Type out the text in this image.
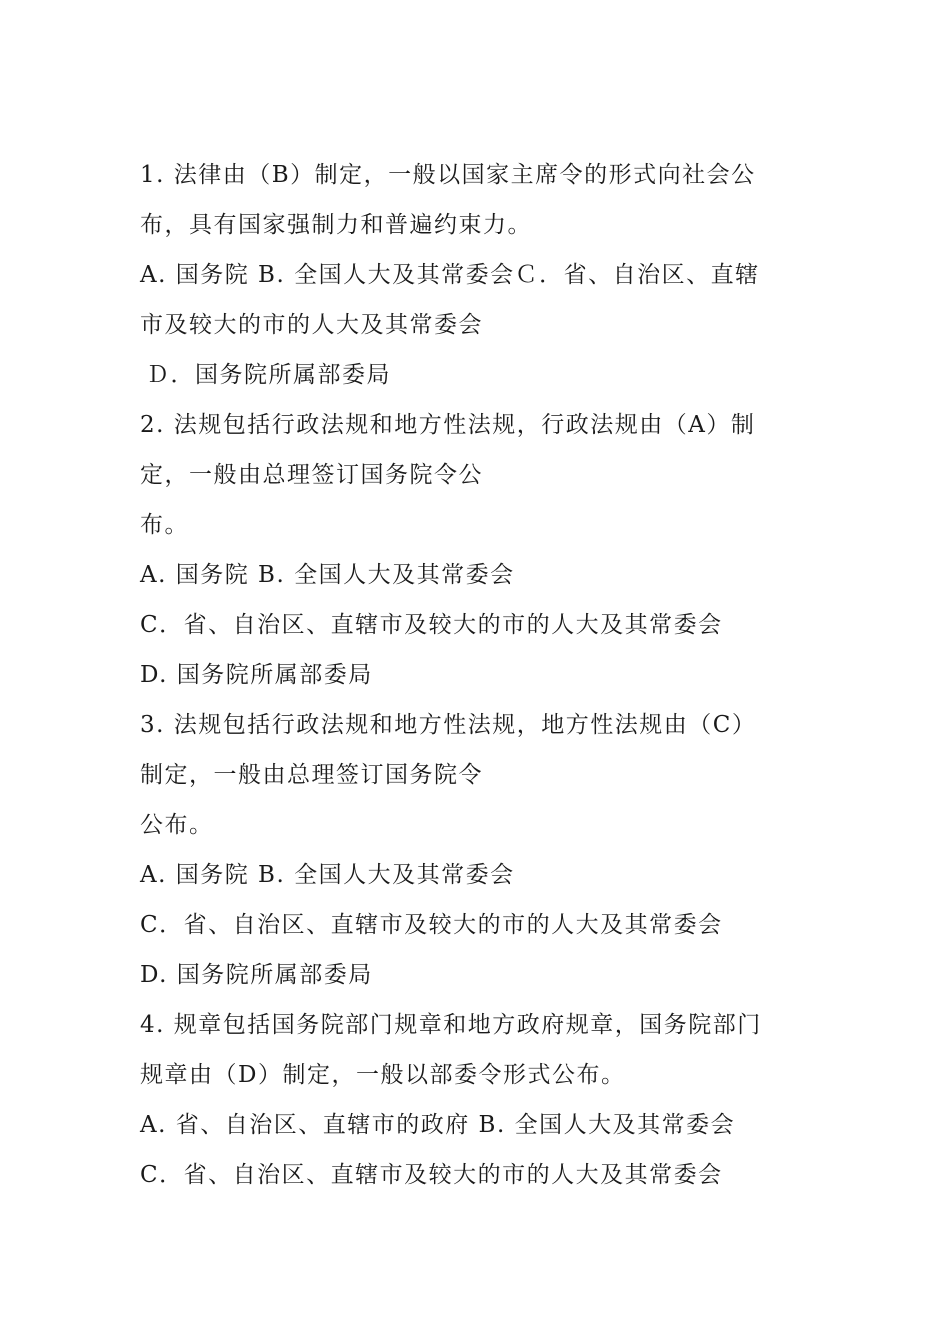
1. 法律由（B）制定，一般以国家主席令的形式向社会公
布，具有国家强制力和普遍约束力。
A. 国务院 B. 全国人大及其常委会Ｃ．省、自治区、直辖
市及较大的市的人大及其常委会
Ｄ．国务院所属部委局
2. 法规包括行政法规和地方性法规，行政法规由（A）制
定，一般由总理签订国务院令公
布。
A. 国务院 B. 全国人大及其常委会
C．省、自治区、直辖市及较大的市的人大及其常委会
D. 国务院所属部委局
3. 法规包括行政法规和地方性法规，地方性法规由（C）
制定，一般由总理签订国务院令
公布。
A. 国务院 B. 全国人大及其常委会
C．省、自治区、直辖市及较大的市的人大及其常委会
D. 国务院所属部委局
4. 规章包括国务院部门规章和地方政府规章，国务院部门
规章由（D）制定，一般以部委令形式公布。
A. 省、自治区、直辖市的政府 B. 全国人大及其常委会
C．省、自治区、直辖市及较大的市的人大及其常委会
